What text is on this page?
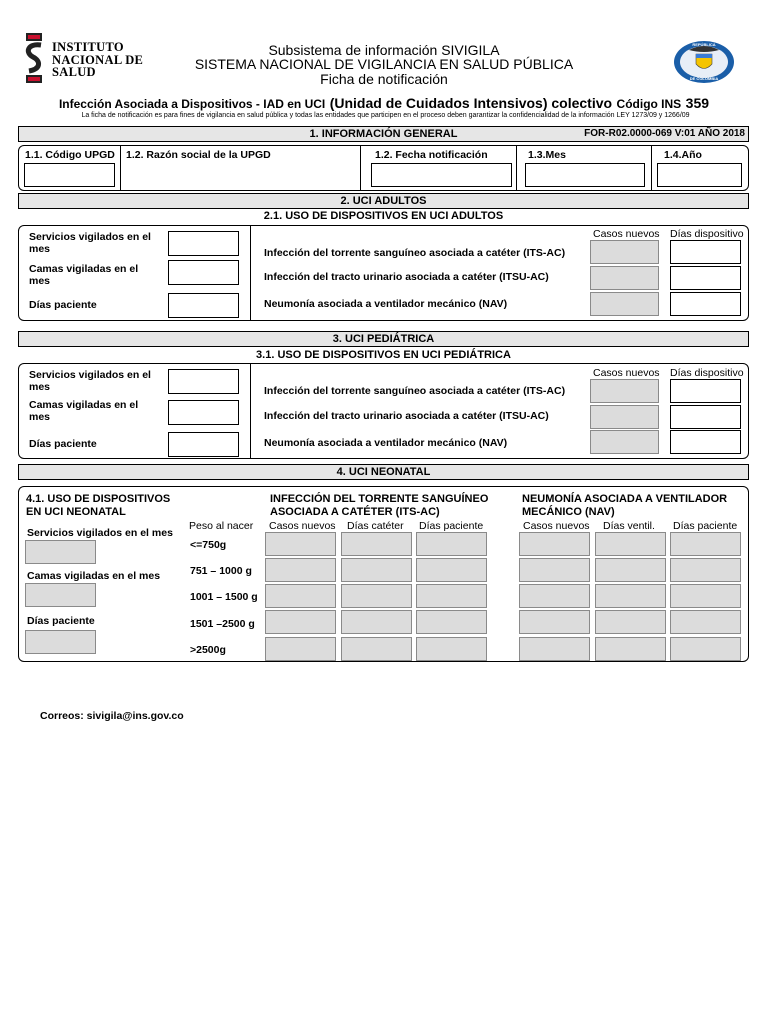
INSTITUTO
NACIONAL DE
SALUD
Subsistema de información SIVIGILA
SISTEMA NACIONAL DE VIGILANCIA EN SALUD PÚBLICA
Ficha de notificación
REPÚBLICA
DE COLOMBIA
Infección Asociada a Dispositivos - IAD en UCI (Unidad de Cuidados Intensivos) colectivo Código INS 359
La ficha de notificación es para fines de vigilancia en salud pública y todas las entidades que participen en el proceso deben garantizar la confidencialidad de la información LEY 1273/09 y 1266/09
1. INFORMACIÓN GENERAL	FOR-R02.0000-069 V:01 AÑO 2018
1.1. Código UPGD 1.2. Razón social de la UPGD	1.2. Fecha notificación	1.3.Mes	1.4.Año
2. UCI ADULTOS
2.1. USO DE DISPOSITIVOS EN UCI ADULTOS
Servicios vigilados en el mes
Camas vigiladas en el mes
Días paciente
Casos nuevos Días dispositivo
Infección del torrente sanguíneo asociada a catéter (ITS-AC)
Infección del tracto urinario asociada a catéter (ITSU-AC)
Neumonía asociada a ventilador mecánico (NAV)
3. UCI PEDIÁTRICA
3.1. USO DE DISPOSITIVOS EN UCI PEDIÁTRICA
Servicios vigilados en el mes
Camas vigiladas en el mes
Días paciente
Casos nuevos Días dispositivo
Infección del torrente sanguíneo asociada a catéter (ITS-AC)
Infección del tracto urinario asociada a catéter (ITSU-AC)
Neumonía asociada a ventilador mecánico (NAV)
4. UCI NEONATAL
4.1. USO DE DISPOSITIVOS EN UCI NEONATAL
Servicios vigilados en el mes
Camas vigiladas en el mes
Días paciente
Peso al nacer
<=750g
751 – 1000 g
1001 – 1500 g
1501 –2500 g
>2500g
INFECCIÓN DEL TORRENTE SANGUÍNEO ASOCIADA A CATÉTER (ITS-AC)
Casos nuevos Días catéter Días paciente
NEUMONÍA ASOCIADA A VENTILADOR MECÁNICO (NAV)
Casos nuevos Días ventil. Días paciente
Correos: sivigila@ins.gov.co
